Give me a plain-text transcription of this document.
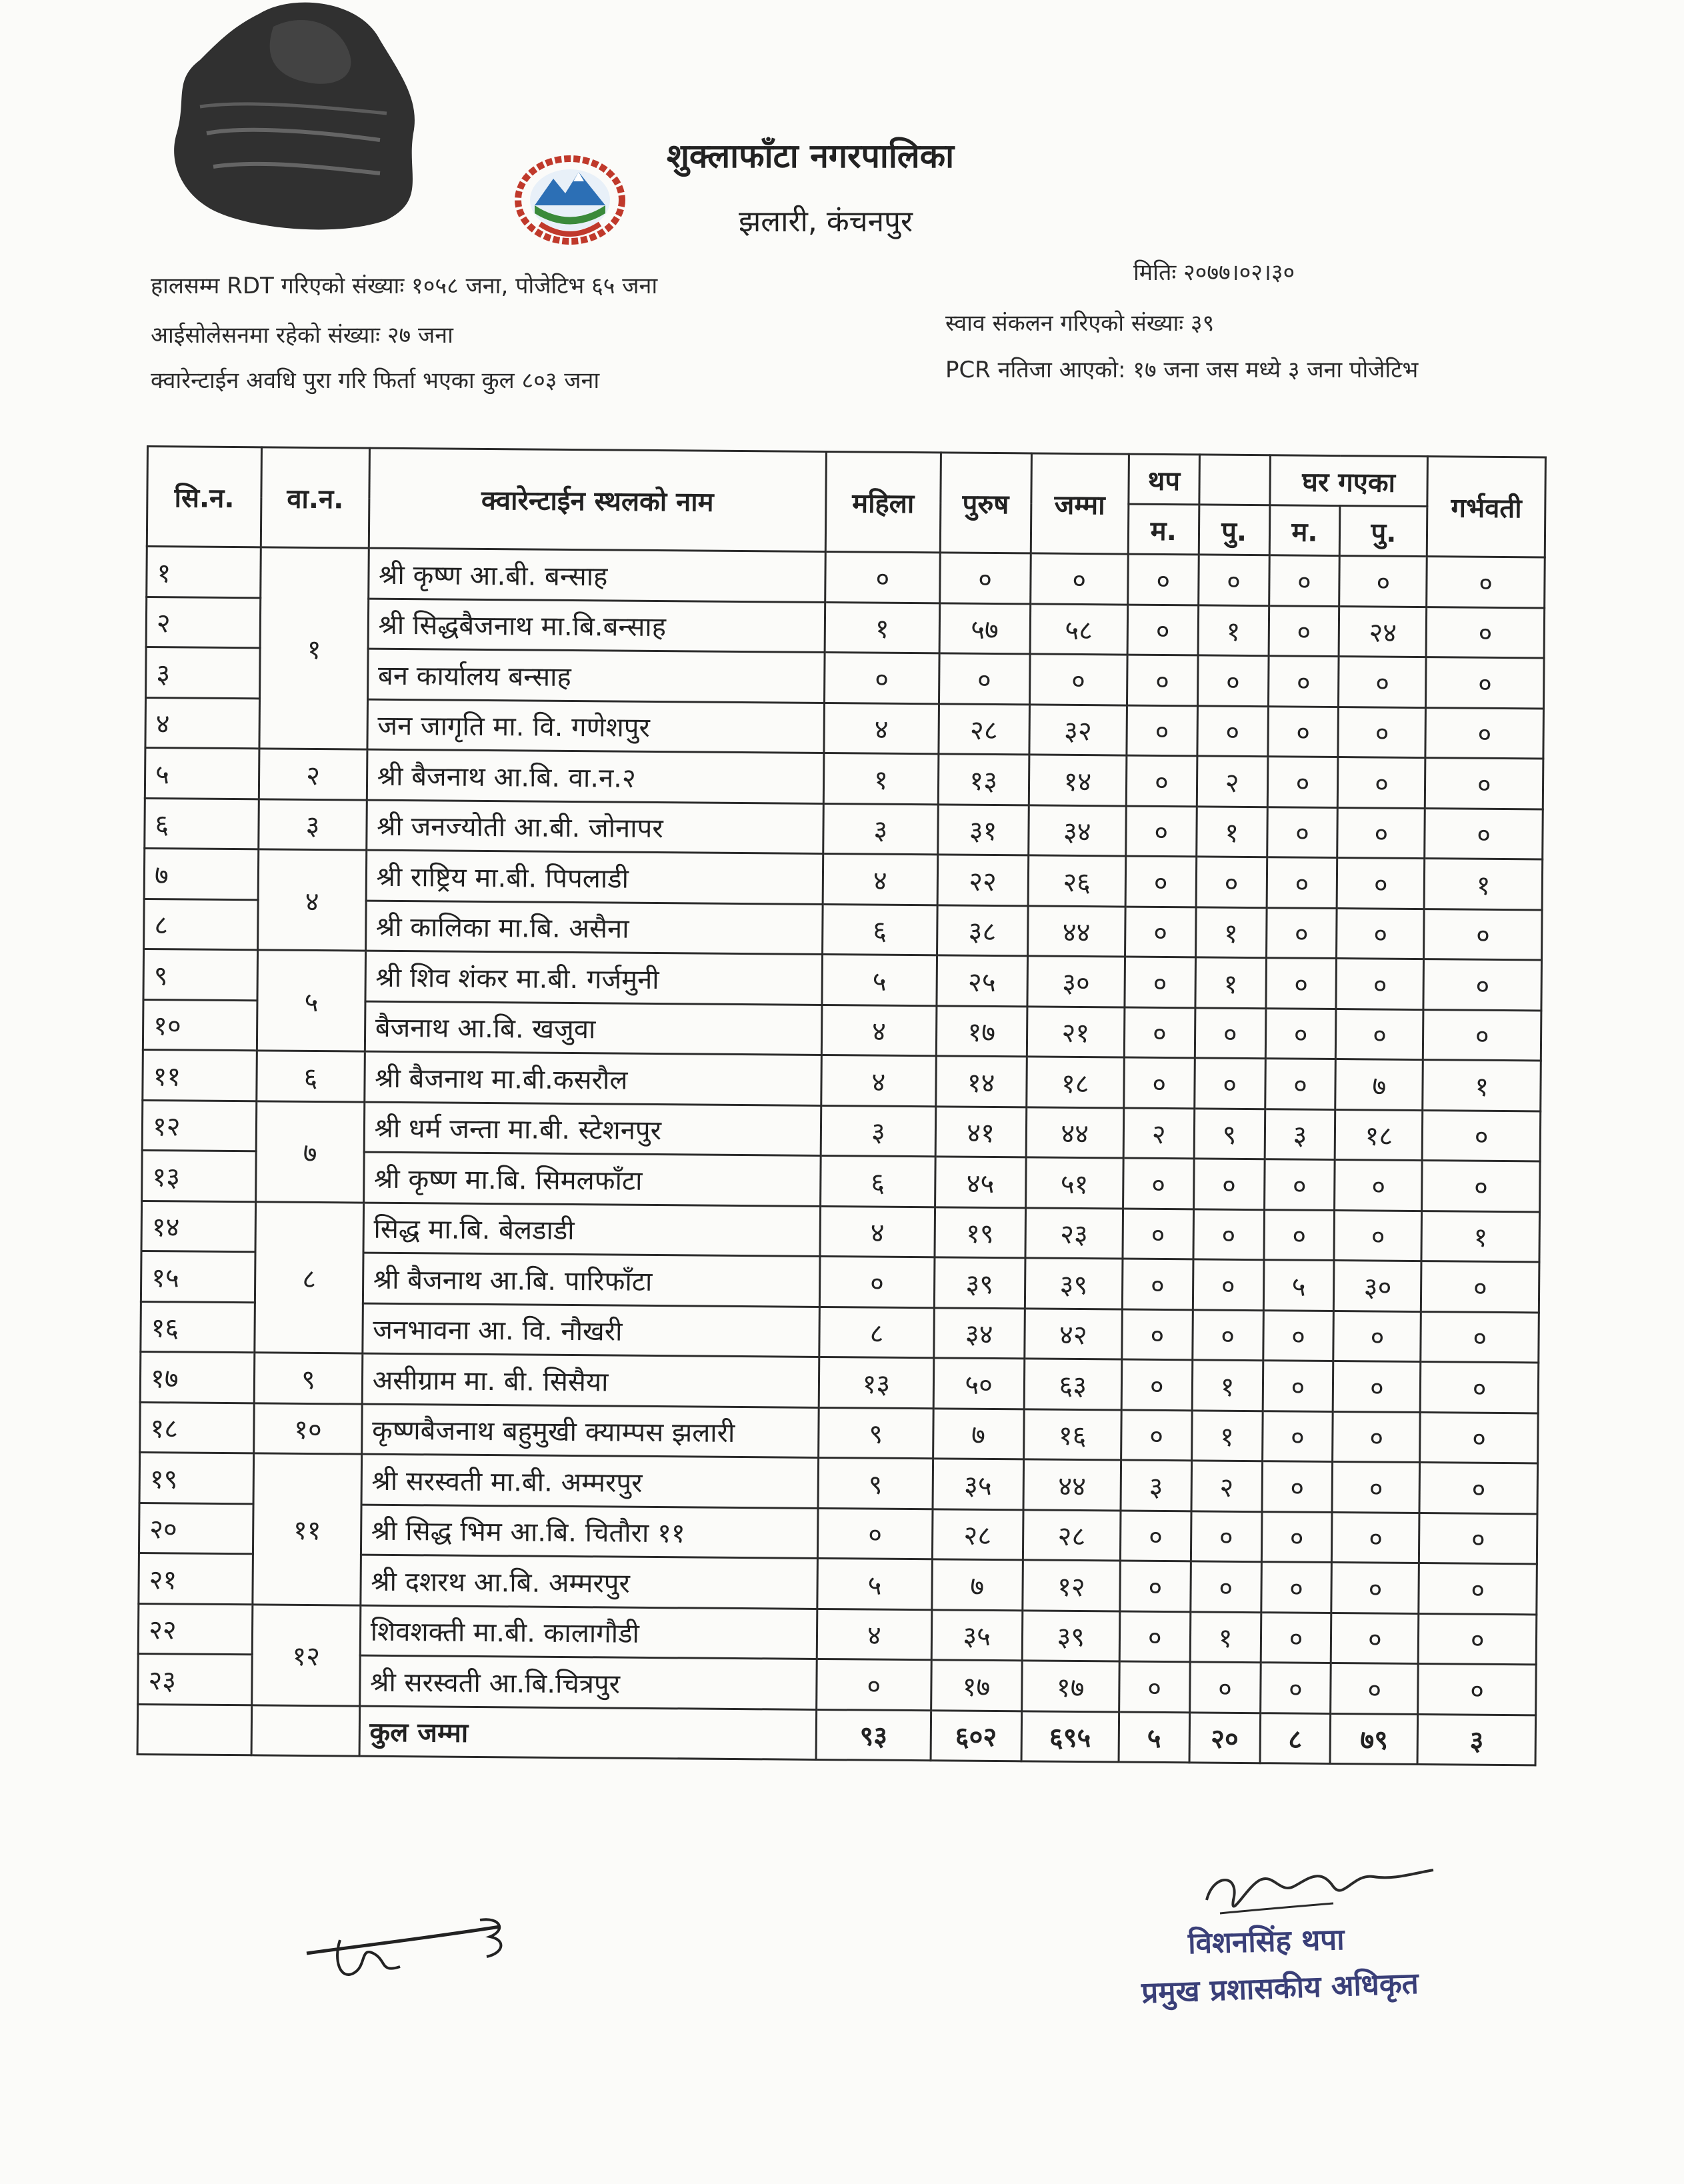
शुक्लाफाँटा नगरपालिका
झलारी, कंचनपुर
मितिः २०७७।०२।३०
हालसम्म RDT गरिएको संख्याः १०५८ जना, पोजेटिभ ६५ जना
आईसोलेसनमा रहेको संख्याः २७ जना
क्वारेन्टाईन अवधि पुरा गरि फिर्ता भएका कुल ८०३ जना
स्वाव संकलन गरिएको संख्याः ३९
PCR नतिजा आएको: १७ जना जस मध्ये ३ जना पोजेटिभ
सि.न.	वा.न.	क्वारेन्टाईन स्थलको नाम	महिला	पुरुष	जम्मा	थप		घर गएका		गर्भवती
						म.	पु.	म.	पु.	
१	१	श्री कृष्ण आ.बी. बन्साह	०	०	०	०	०	०	०	०
२		श्री सिद्धबैजनाथ मा.बि.बन्साह	१	५७	५८	०	१	०	२४	०
३		बन कार्यालय बन्साह	०	०	०	०	०	०	०	०
४		जन जागृति मा. वि. गणेशपुर	४	२८	३२	०	०	०	०	०
५	२	श्री बैजनाथ आ.बि. वा.न.२	१	१३	१४	०	२	०	०	०
६	३	श्री जनज्योती आ.बी. जोनापर	३	३१	३४	०	१	०	०	०
७	४	श्री राष्ट्रिय मा.बी. पिपलाडी	४	२२	२६	०	०	०	०	१
८		श्री कालिका मा.बि. असैना	६	३८	४४	०	१	०	०	०
९	५	श्री शिव शंकर मा.बी. गर्जमुनी	५	२५	३०	०	१	०	०	०
१०		बैजनाथ आ.बि. खजुवा	४	१७	२१	०	०	०	०	०
११	६	श्री बैजनाथ मा.बी.कसरौल	४	१४	१८	०	०	०	७	१
१२	७	श्री धर्म जन्ता मा.बी. स्टेशनपुर	३	४१	४४	२	९	३	१८	०
१३		श्री कृष्ण मा.बि. सिमलफाँटा	६	४५	५१	०	०	०	०	०
१४	८	सिद्ध मा.बि. बेलडाडी	४	१९	२३	०	०	०	०	१
१५		श्री बैजनाथ आ.बि. पारिफाँटा	०	३९	३९	०	०	५	३०	०
१६		जनभावना आ. वि. नौखरी	८	३४	४२	०	०	०	०	०
१७	९	असीग्राम मा. बी. सिसैया	१३	५०	६३	०	१	०	०	०
१८	१०	कृष्णबैजनाथ बहुमुखी क्याम्पस झलारी	९	७	१६	०	१	०	०	०
१९	११	श्री सरस्वती मा.बी. अम्मरपुर	९	३५	४४	३	२	०	०	०
२०		श्री सिद्ध भिम आ.बि. चितौरा ११	०	२८	२८	०	०	०	०	०
२१		श्री दशरथ आ.बि. अम्मरपुर	५	७	१२	०	०	०	०	०
२२	१२	शिवशक्ती मा.बी. कालागौडी	४	३५	३९	०	१	०	०	०
२३		श्री सरस्वती आ.बि.चित्रपुर	०	१७	१७	०	०	०	०	०
		कुल जम्मा	९३	६०२	६९५	५	२०	८	७९	३
विशनसिंह थपा
प्रमुख प्रशासकीय अधिकृत
